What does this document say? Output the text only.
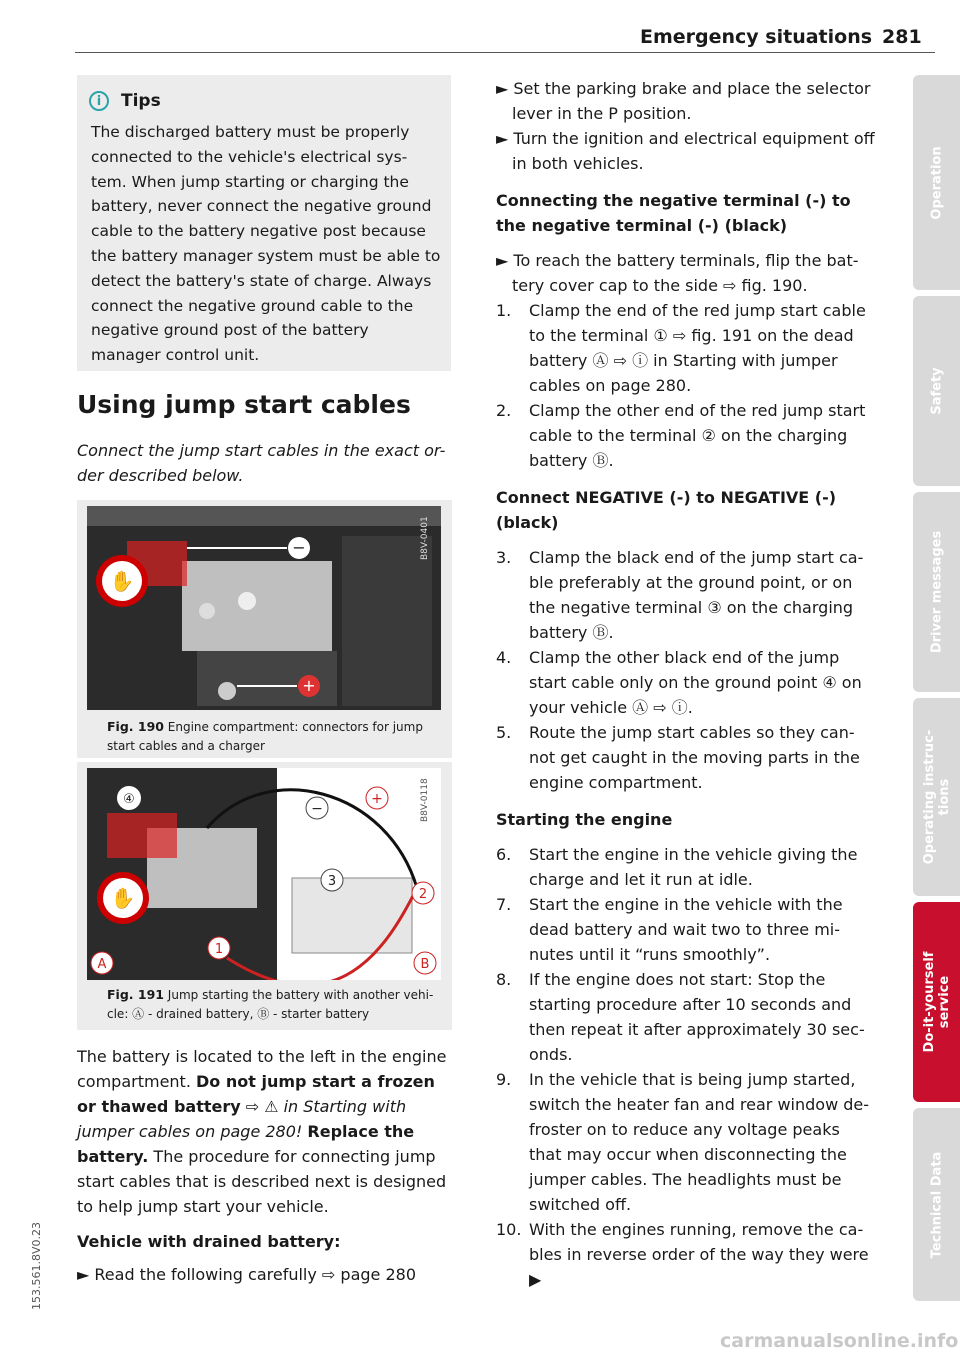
Emergency situations 281
153.561.8V0.23
i	Tips
The discharged battery must be properly connected to the vehicle's electrical sys-tem. When jump starting or charging the battery, never connect the negative ground cable to the battery negative post because the battery manager system must be able to detect the battery's state of charge. Always connect the negative ground cable to the negative ground post of the battery manager control unit.
Using jump start cables
Connect the jump start cables in the exact or-der described below.
✋
−
+
B8V-0401
Fig. 190 Engine compartment: connectors for jump start cables and a charger
✋
④
−
+
3
2
1
A	B
B8V-0118
Fig. 191 Jump starting the battery with another vehi-cle: Ⓐ - drained battery, Ⓑ - starter battery

The battery is located to the left in the engine compartment. Do not jump start a frozen or thawed battery ⇨ ⚠ in Starting with jumper cables on page 280! Replace the battery. The procedure for connecting jump start cables that is described next is designed to help jump start your vehicle.

Vehicle with drained battery:

► Read the following carefully ⇨ page 280

► Set the parking brake and place the selector lever in the P position.

► Turn the ignition and electrical equipment off in both vehicles.

Connecting the negative terminal (-) to the negative terminal (-) (black)

► To reach the battery terminals, flip the bat-tery cover cap to the side ⇨ fig. 190.

1.	Clamp the end of the red jump start cable to the terminal ① ⇨ fig. 191 on the dead battery Ⓐ ⇨ ⓘ in Starting with jumper cables on page 280.
2.	Clamp the other end of the red jump start cable to the terminal ② on the charging battery Ⓑ.

Connect NEGATIVE (-) to NEGATIVE (-) (black)

3.	Clamp the black end of the jump start ca-ble preferably at the ground point, or on the negative terminal ③ on the charging battery Ⓑ.
4.	Clamp the other black end of the jump start cable only on the ground point ④ on your vehicle Ⓐ ⇨ ⓘ.
5.	Route the jump start cables so they can-not get caught in the moving parts in the engine compartment.

Starting the engine

6.	Start the engine in the vehicle giving the charge and let it run at idle.
7.	Start the engine in the vehicle with the dead battery and wait two to three mi-nutes until it “runs smoothly”.
8.	If the engine does not start: Stop the starting procedure after 10 seconds and then repeat it after approximately 30 sec-onds.
9.	In the vehicle that is being jump started, switch the heater fan and rear window de-froster on to reduce any voltage peaks that may occur when disconnecting the jumper cables. The headlights must be switched off.
10. With the engines running, remove the ca-bles in reverse order of the way they were ▶
Operation
Safety
Driver messages
Operating instruc-tions
Do-it-yourself service
Technical Data
carmanualsonline.info
